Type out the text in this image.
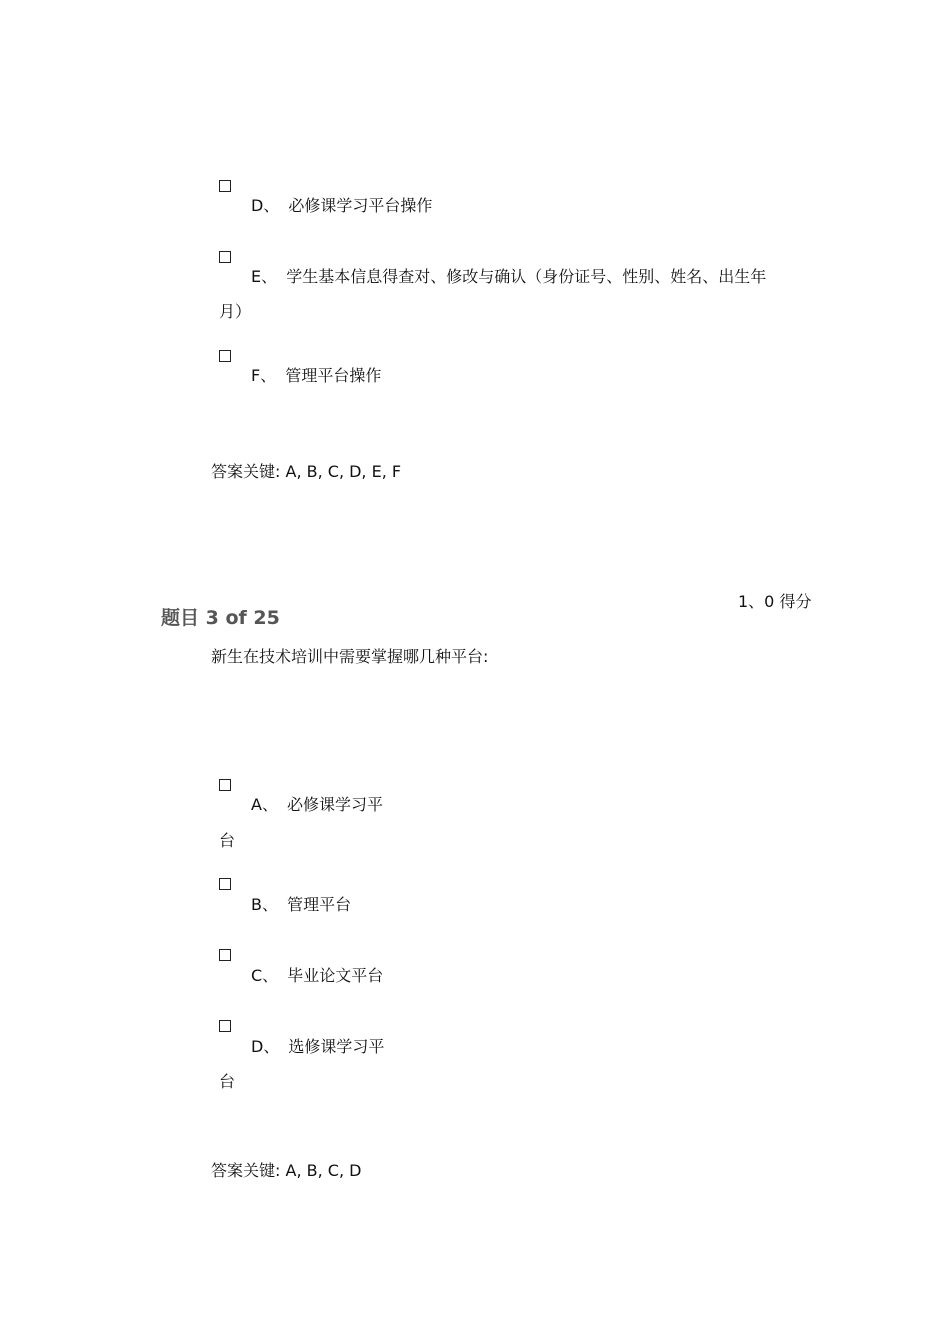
D、 必修课学习平台操作
E、 学生基本信息得查对、修改与确认（身份证号、性别、姓名、出生年
月）
F、 管理平台操作
答案关键: A, B, C, D, E, F
1、0 得分
题目 3 of 25
新生在技术培训中需要掌握哪几种平台:
A、 必修课学习平
台
B、 管理平台
C、 毕业论文平台
D、 选修课学习平
台
答案关键: A, B, C, D
